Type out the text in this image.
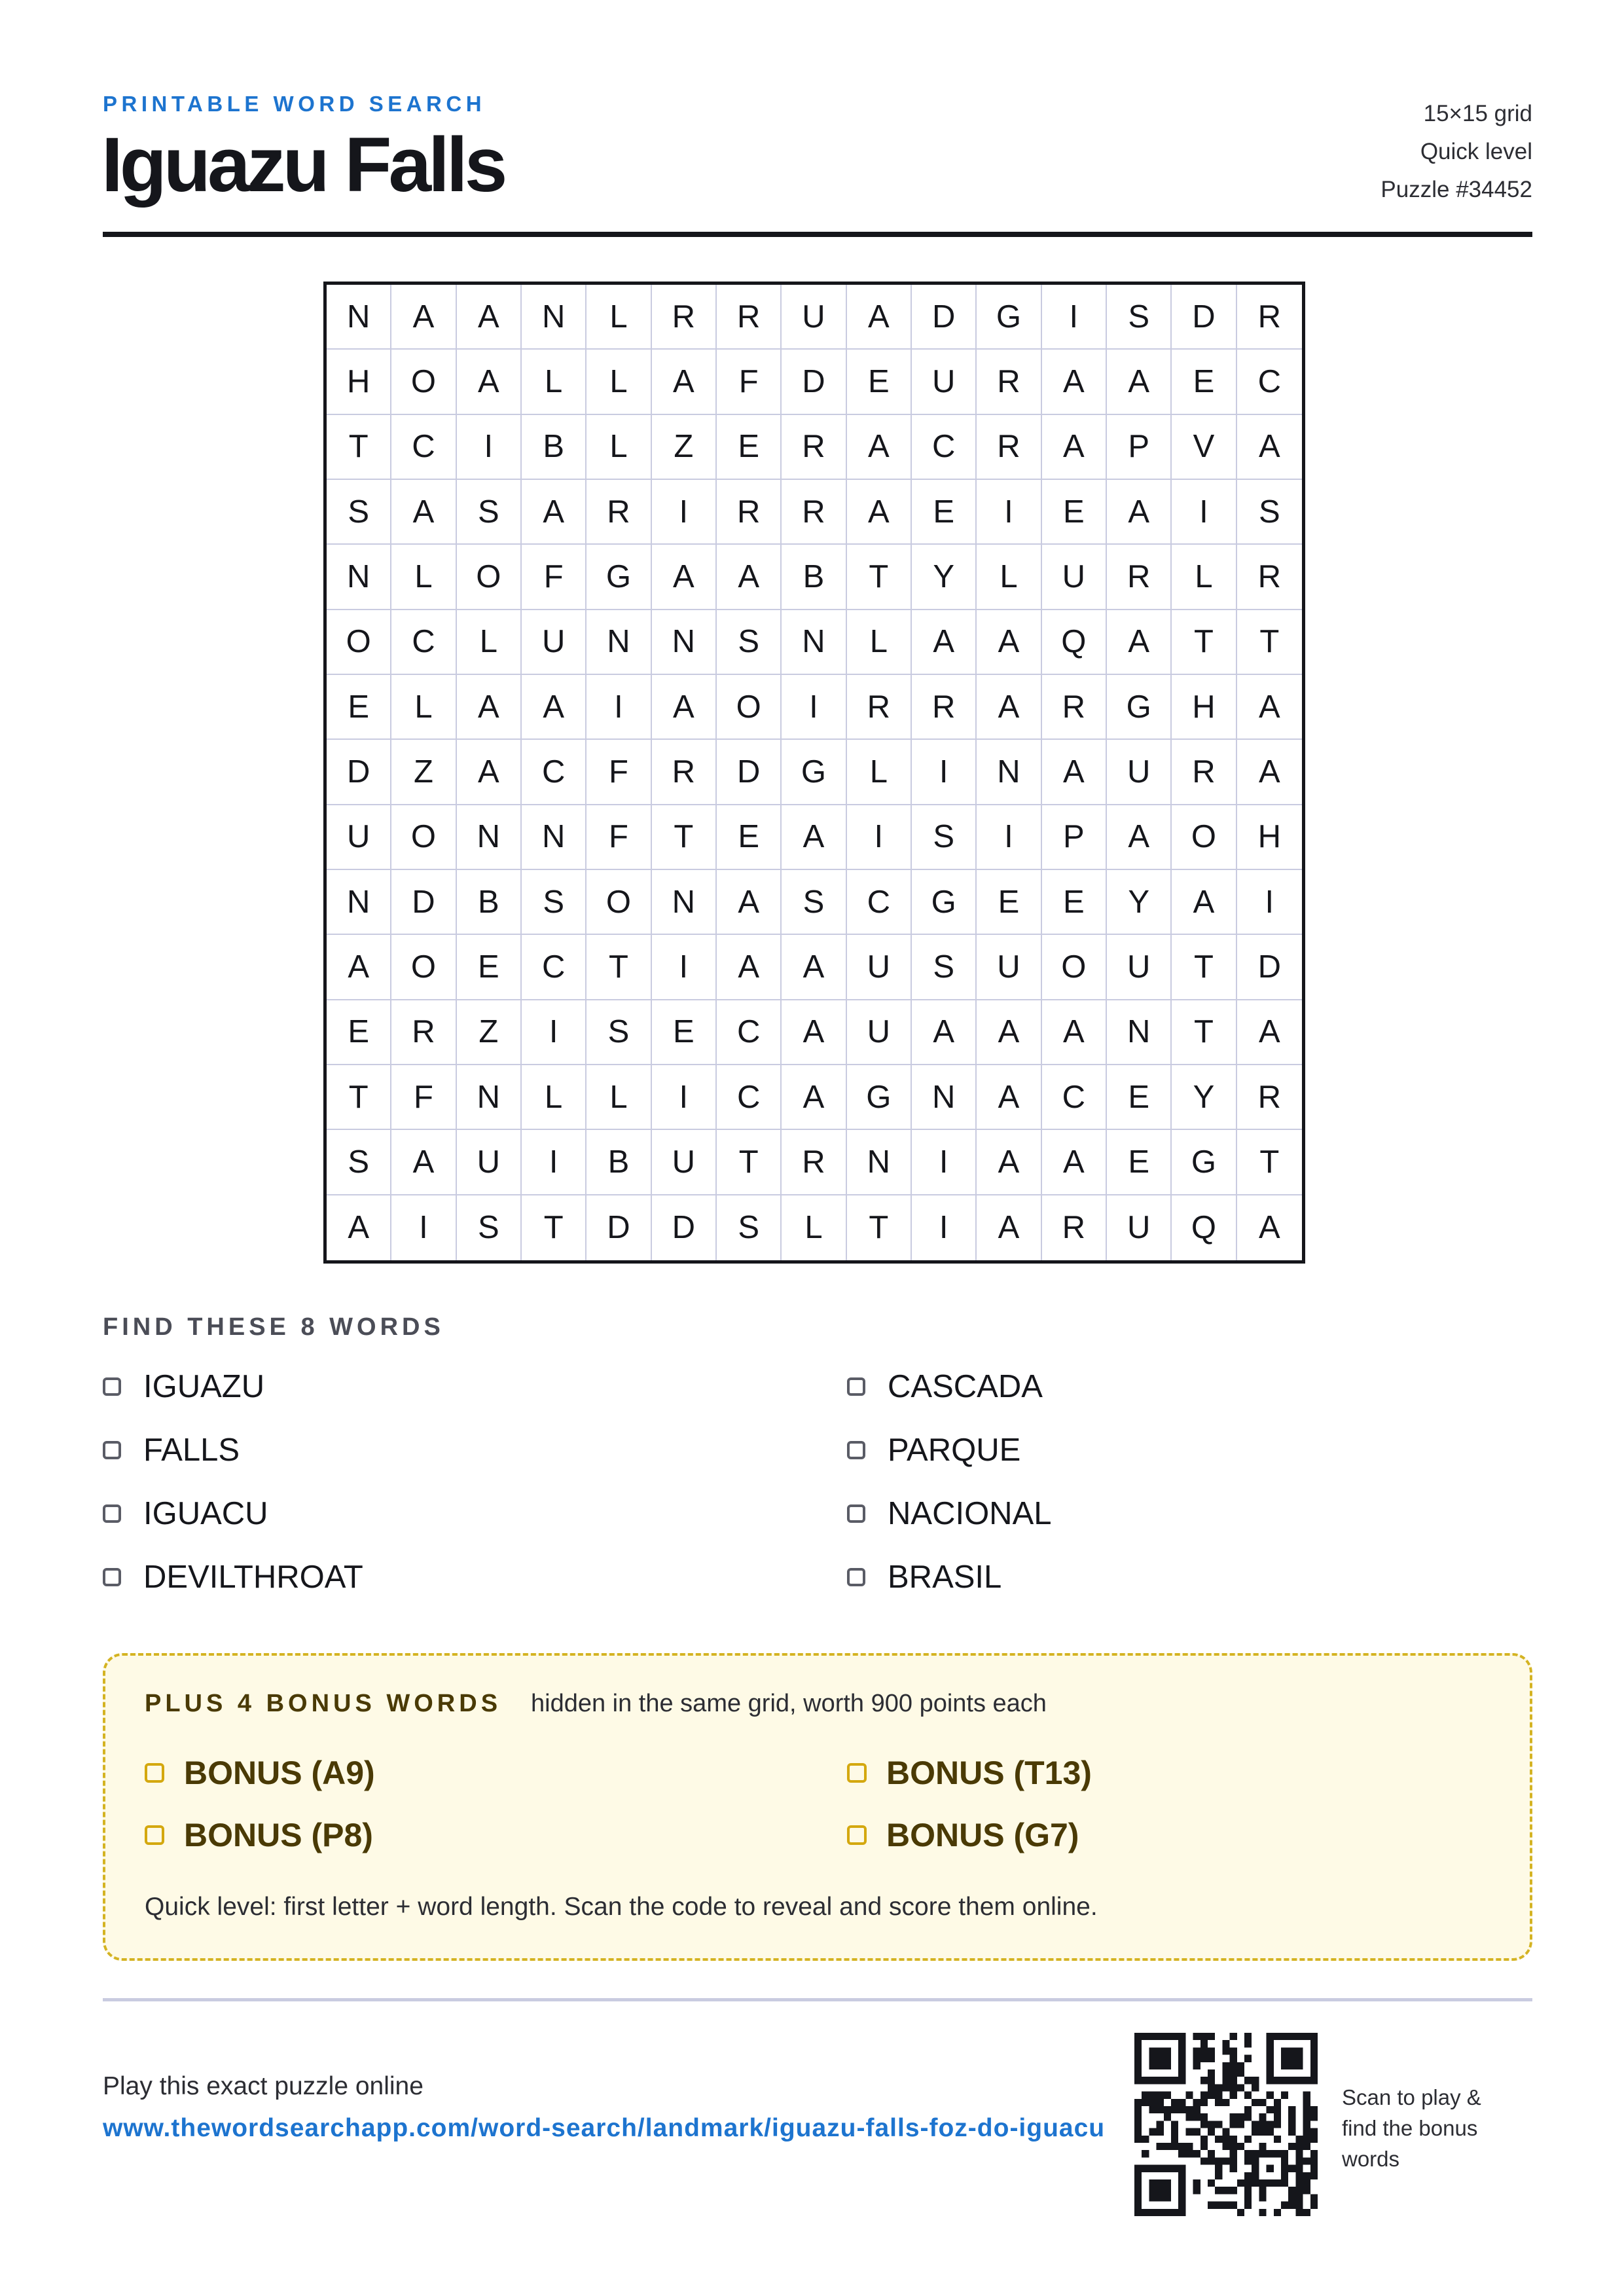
PRINTABLE WORD SEARCH
Iguazu Falls
15×15 grid
Quick level
Puzzle #34452
N	A	A	N	L	R	R	U	A	D	G	I	S	D	R
H	O	A	L	L	A	F	D	E	U	R	A	A	E	C
T	C	I	B	L	Z	E	R	A	C	R	A	P	V	A
S	A	S	A	R	I	R	R	A	E	I	E	A	I	S
N	L	O	F	G	A	A	B	T	Y	L	U	R	L	R
O	C	L	U	N	N	S	N	L	A	A	Q	A	T	T
E	L	A	A	I	A	O	I	R	R	A	R	G	H	A
D	Z	A	C	F	R	D	G	L	I	N	A	U	R	A
U	O	N	N	F	T	E	A	I	S	I	P	A	O	H
N	D	B	S	O	N	A	S	C	G	E	E	Y	A	I
A	O	E	C	T	I	A	A	U	S	U	O	U	T	D
E	R	Z	I	S	E	C	A	U	A	A	A	N	T	A
T	F	N	L	L	I	C	A	G	N	A	C	E	Y	R
S	A	U	I	B	U	T	R	N	I	A	A	E	G	T
A	I	S	T	D	D	S	L	T	I	A	R	U	Q	A
FIND THESE 8 WORDS
IGUAZU
FALLS
IGUACU
DEVILTHROAT
CASCADA
PARQUE
NACIONAL
BRASIL
PLUS 4 BONUS WORDS hidden in the same grid, worth 900 points each
BONUS (A9)	BONUS (T13)
BONUS (P8)	BONUS (G7)
Quick level: first letter + word length. Scan the code to reveal and score them online.
Play this exact puzzle online
www.thewordsearchapp.com/word-search/landmark/iguazu-falls-foz-do-iguacu
Scan to play & find the bonus words
